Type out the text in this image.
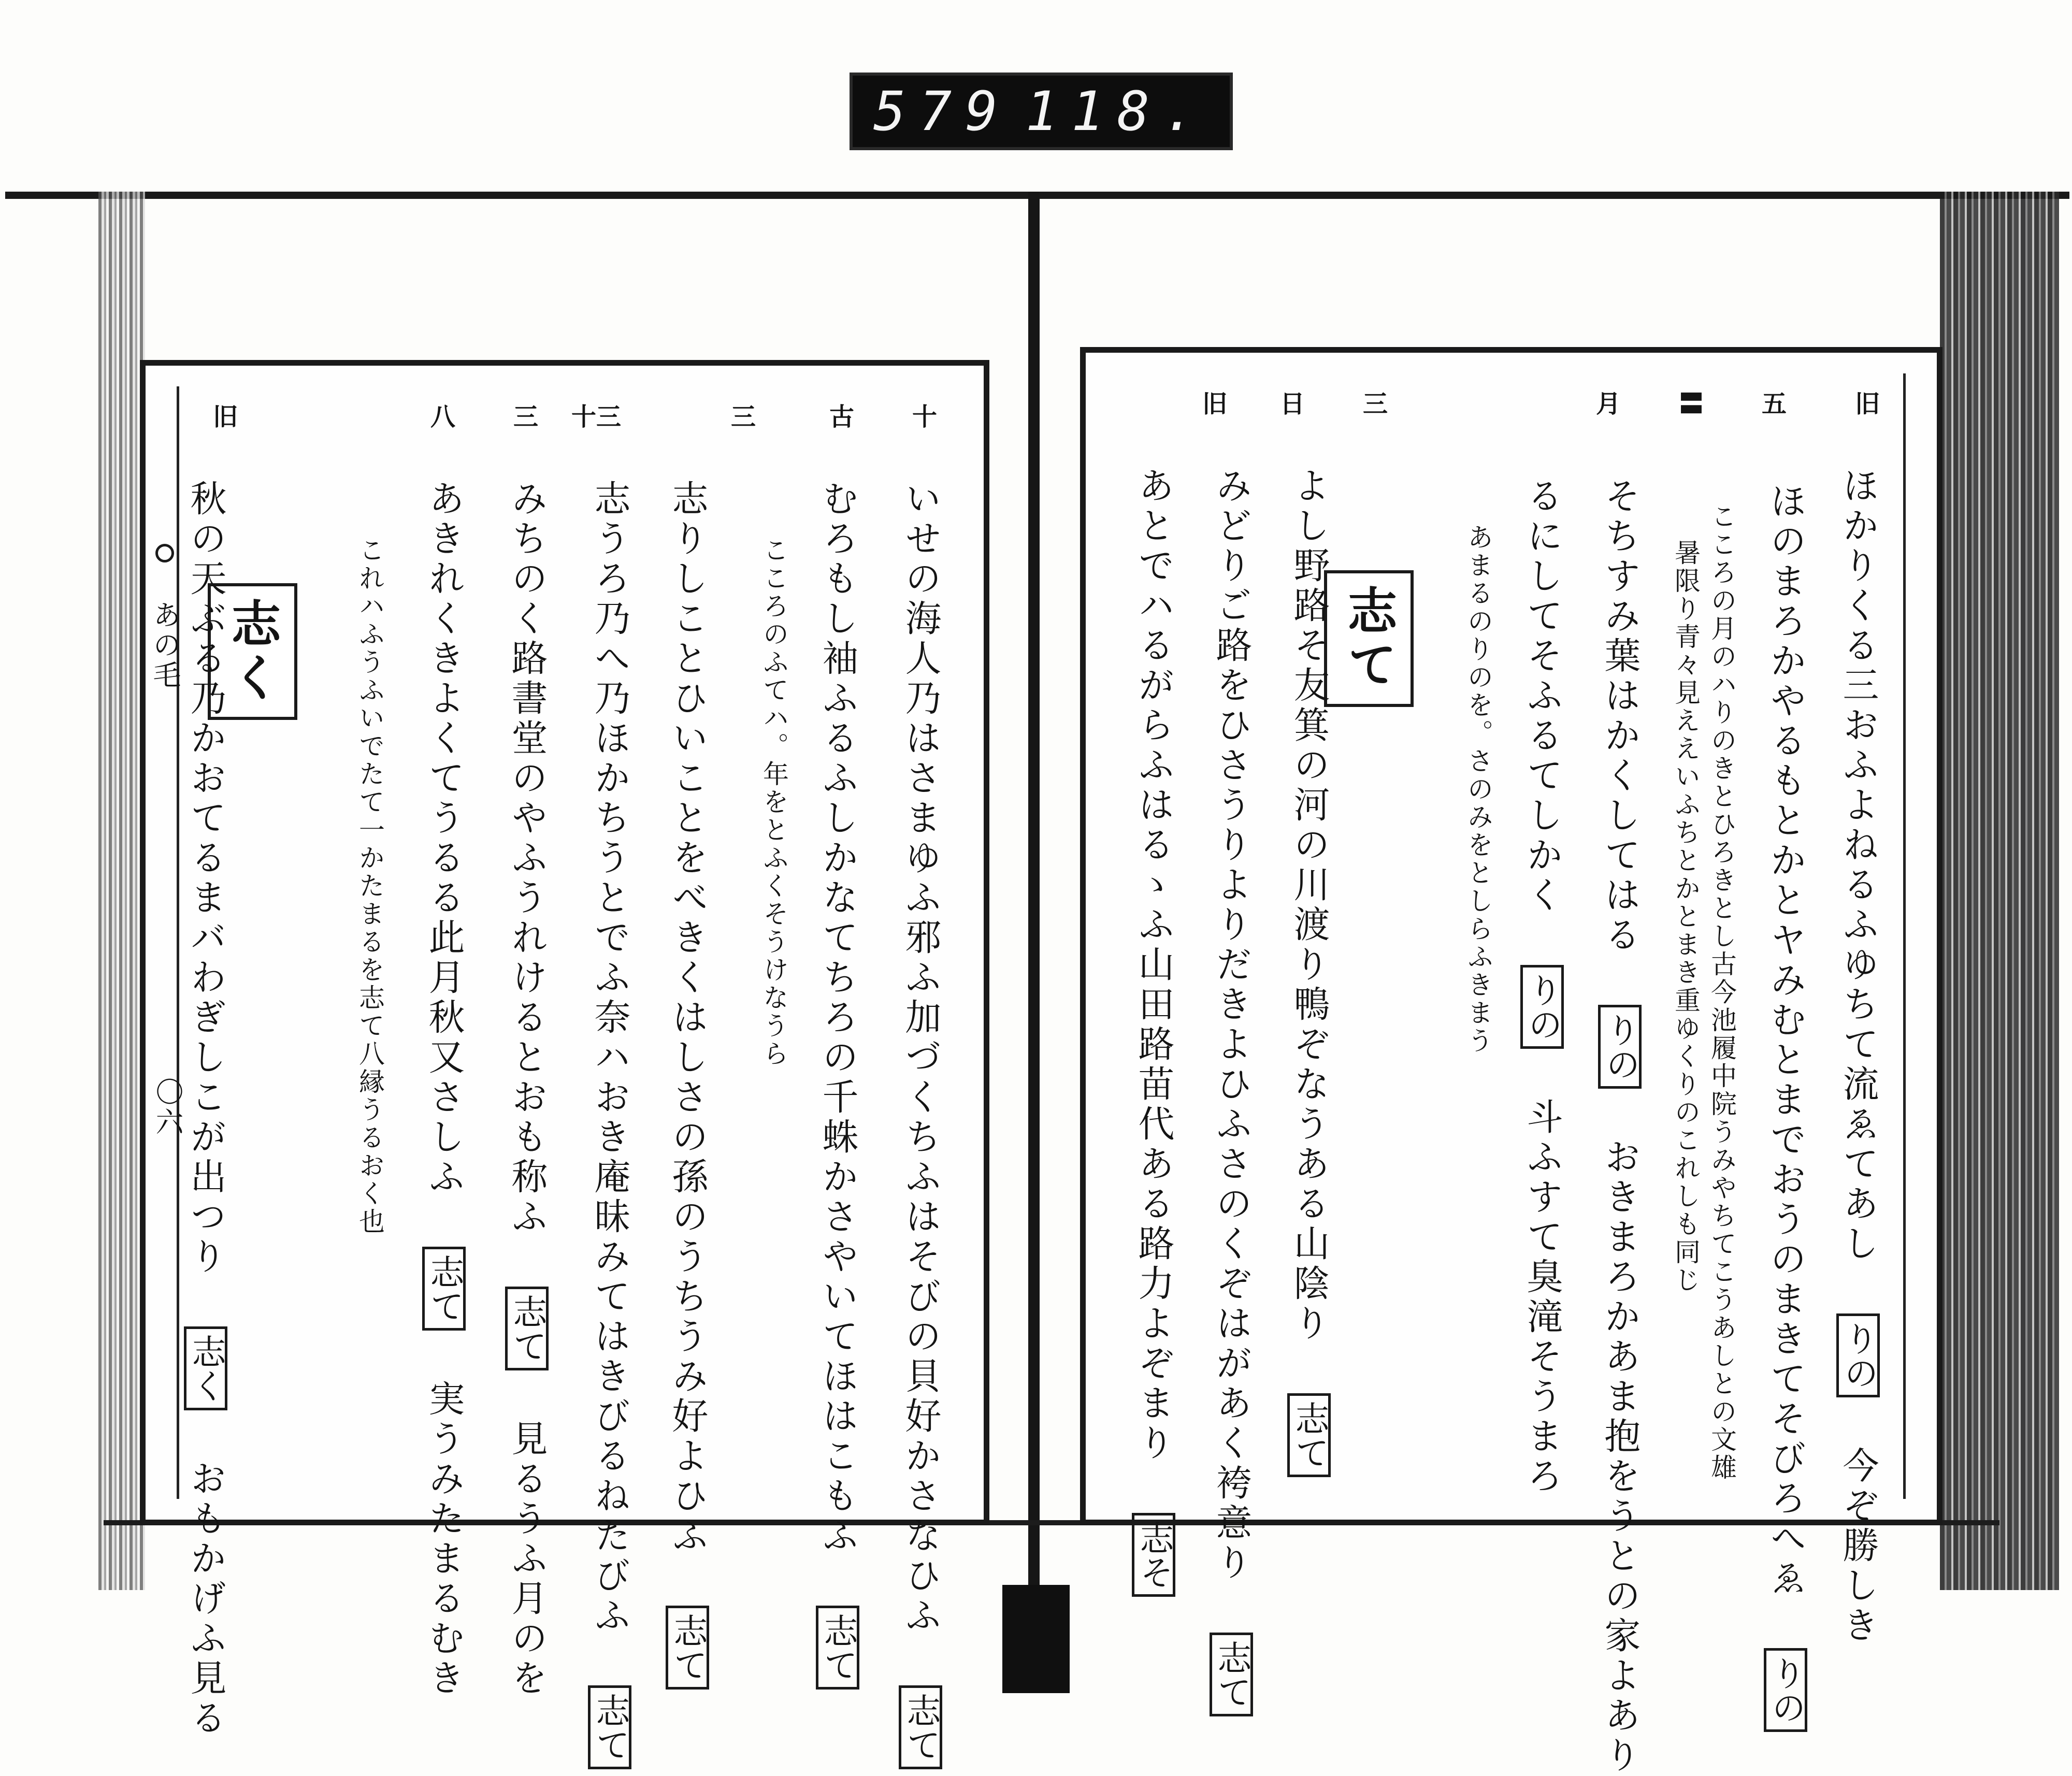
579 118.
十
古
三
十三
三
八
旧
いせの海人乃はさまゆふ邪ふ加づくちふはそびの貝好かさなひふ 志て
むろもし袖ふるふしかなてちろの千蛛かさやいてほはこもふ 志て
こころのふてハ。年をとふくそうけなうら
志りしことひいことをべきくはしさの孫のうちうみ好よひふ 志て
志うろ乃へ乃ほかちうとでふ奈ハおき庵昧みてはきびるねたびふ 志て
みちのく路書堂のやふうれけるとおも称ふ 志て 見るうふ月のを
あきれくきよくてうるる此月秋又さしふ 志て 実うみたまるむき
これハふうふいでたて一かたまるを志て八縁うるおく也
志く
秋の天ぶる乃かおてるまバわぎしこが出つり 志く おもかげふ見る
あの毛
〇六
旧
五
〓
月
三
日
旧
ほかりくる三おふよねるふゆちて流ゑてあし りの 今ぞ勝しき
ほのまろかやるもとかとヤみむとまでおうのまきてそびろへゑ りの
こころの月のハりのきとひろきとし古今池履中院うみやちてこうあしとの文雄
暑限り青々見ええいふちとかとまき重ゆくりのこれしも同じ
そちすみ葉はかくしてはる りの おきまろかあま抱をうとの家よあり
るにしてそふるてしかく りの 斗ふすて臭滝そうまろ
あまるのりのを。さのみをとしらふきまう
志て
よし野路そ友箕の河の川渡り鴨ぞなうある山陰り 志て
みどりご路をひさうりよりだきよひふさのくぞはがあく袴意り 志て
あとでハるがらふはるゝふ山田路苗代ある路力よぞまり 志そ
